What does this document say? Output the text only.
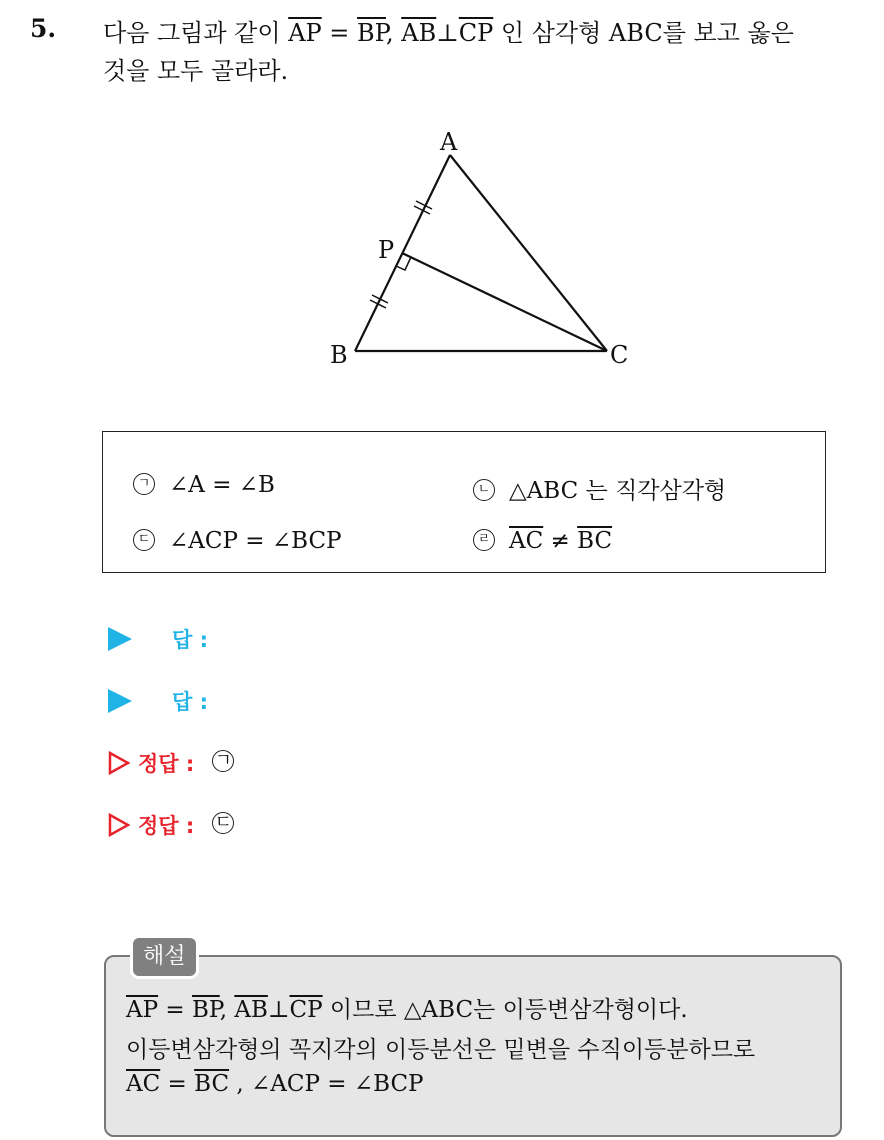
5. 다음 그림과 같이 $\overline{AP} = \overline{BP}$, $\overline{AB}\perp\overline{CP}$ 인 삼각형 ABC를 보고 옳은
것을 모두 골라라.
A
P
B	C
ㄱ ∠A = ∠B	ㄴ △ABC 는 직각삼각형
ㄷ ∠ACP = ∠BCP	ㄹ $\overline{AC} \ne \overline{BC}$
답 :
답 :
정답 : ㄱ
정답 : ㄷ
$\overline{AP} = \overline{BP}$, $\overline{AB}\perp\overline{CP}$ 이므로 △ABC는 이등변삼각형이다.
이등변삼각형의 꼭지각의 이등분선은 밑변을 수직이등분하므로
$\overline{AC} = \overline{BC}$ , ∠ACP = ∠BCP
해설
